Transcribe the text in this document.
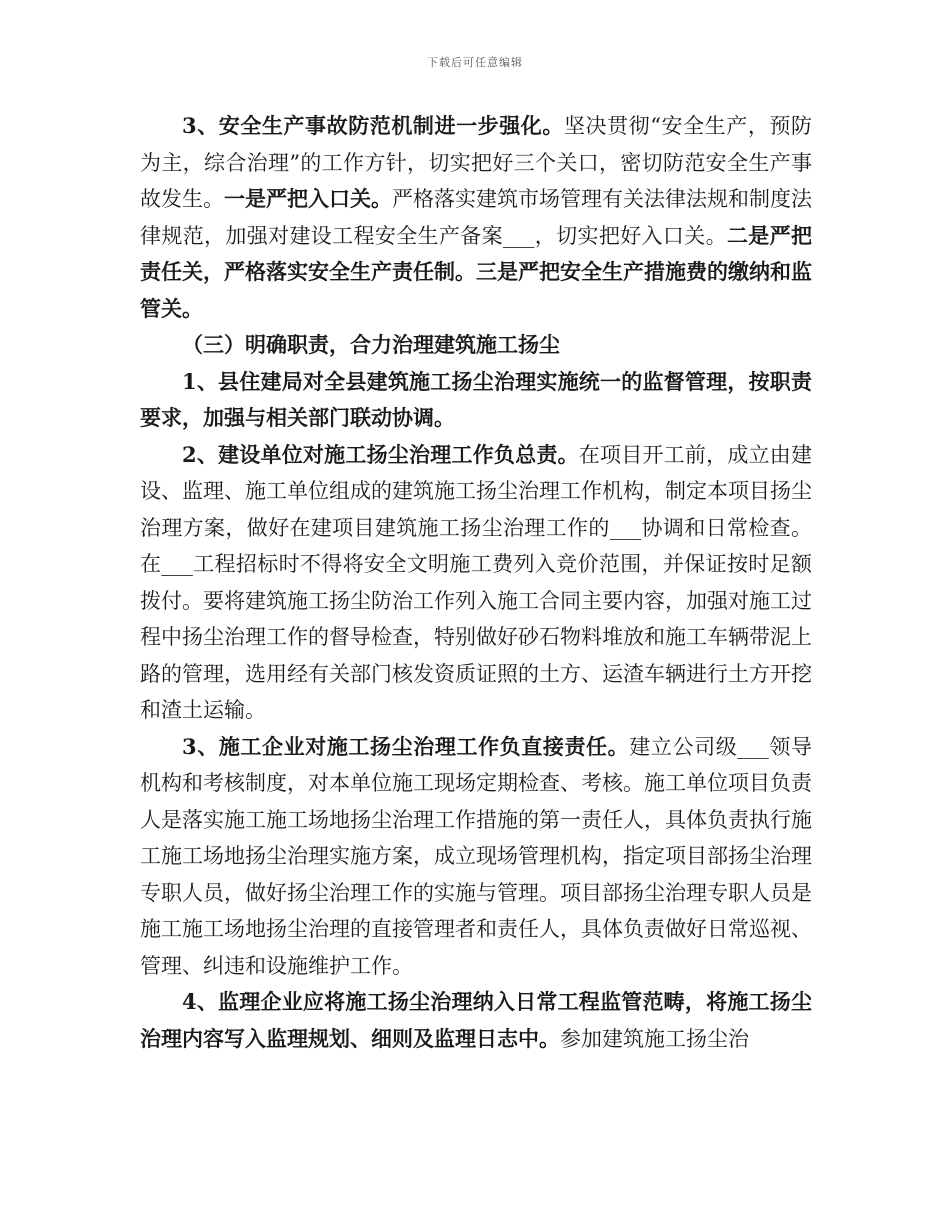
下载后可任意编辑

3、安全生产事故防范机制进一步强化。坚决贯彻“安全生产，预防为主，综合治理”的工作方针，切实把好三个关口，密切防范安全生产事故发生。一是严把入口关。严格落实建筑市场管理有关法律法规和制度法律规范，加强对建设工程安全生产备案___，切实把好入口关。二是严把责任关，严格落实安全生产责任制。三是严把安全生产措施费的缴纳和监管关。

（三）明确职责，合力治理建筑施工扬尘

1、县住建局对全县建筑施工扬尘治理实施统一的监督管理，按职责要求，加强与相关部门联动协调。

2、建设单位对施工扬尘治理工作负总责。在项目开工前，成立由建设、监理、施工单位组成的建筑施工扬尘治理工作机构，制定本项目扬尘治理方案，做好在建项目建筑施工扬尘治理工作的___协调和日常检查。在___工程招标时不得将安全文明施工费列入竞价范围，并保证按时足额拨付。要将建筑施工扬尘防治工作列入施工合同主要内容，加强对施工过程中扬尘治理工作的督导检查，特别做好砂石物料堆放和施工车辆带泥上路的管理，选用经有关部门核发资质证照的土方、运渣车辆进行土方开挖和渣土运输。

3、施工企业对施工扬尘治理工作负直接责任。建立公司级___领导机构和考核制度，对本单位施工现场定期检查、考核。施工单位项目负责人是落实施工施工场地扬尘治理工作措施的第一责任人，具体负责执行施工施工场地扬尘治理实施方案，成立现场管理机构，指定项目部扬尘治理专职人员，做好扬尘治理工作的实施与管理。项目部扬尘治理专职人员是施工施工场地扬尘治理的直接管理者和责任人，具体负责做好日常巡视、管理、纠违和设施维护工作。

4、监理企业应将施工扬尘治理纳入日常工程监管范畴，将施工扬尘治理内容写入监理规划、细则及监理日志中。参加建筑施工扬尘治
